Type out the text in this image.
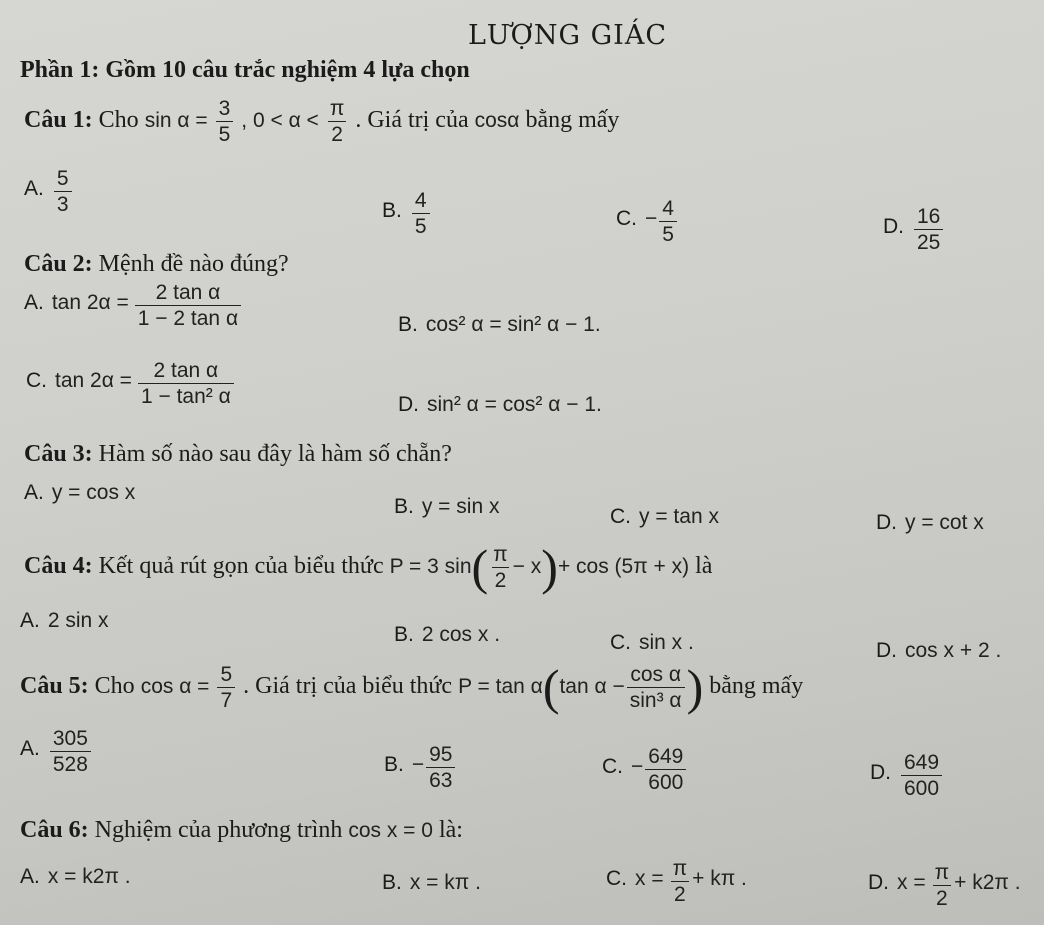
LƯỢNG GIÁC
Phần 1: Gồm 10 câu trắc nghiệm 4 lựa chọn
Câu 1: Cho $\sin \alpha = \frac{3}{5}$ , $0 < \alpha < \frac{\pi}{2}$ . Giá trị của cosα bằng mấy
A. $\frac{5}{3}$	B. $\frac{4}{5}$	C. − $\frac{4}{5}$	D. $\frac{16}{25}$
Câu 2: Mệnh đề nào đúng?
A. $\tan 2\alpha = \frac{\text{2 tan α}}{\text{1 − 2 tan α}}$	B. cos² α = sin² α − 1.
C. $\tan 2\alpha = \frac{\text{2 tan α}}{\text{1 − tan² α}}$	D. sin² α = cos² α − 1.
Câu 3: Hàm số nào sau đây là hàm số chẵn?
A. y = cos x
B. y = sin x	C. y = tan x	D. y = cot x
Câu 4: Kết quả rút gọn của biểu thức P = 3 $\sin( \frac{\pi}{2} - x)+ \cos (5\pi + x)$ là
A. 2 sin x
B. 2 cos x .	C. sin x .	D. cos x + 2 .
Câu 5: Cho $\cos \alpha = \frac{5}{7}$ . Giá trị của biểu thức P = tan α(tan $\alpha - \frac{\text{cos α}}{\text{sin³ α}}$ ) bằng mấy
A. $\frac{305}{528}$	B. − $\frac{95}{63}$	C. − $\frac{649}{600}$	D. $\frac{649}{600}$
Câu 6: Nghiệm của phương trình cos x = 0 là:
A. x = k2π .	B. x = kπ .	C. $x = \frac{\pi}{2} + k\pi$ .	D. $x = \frac{\pi}{2} + k2\pi$ .
